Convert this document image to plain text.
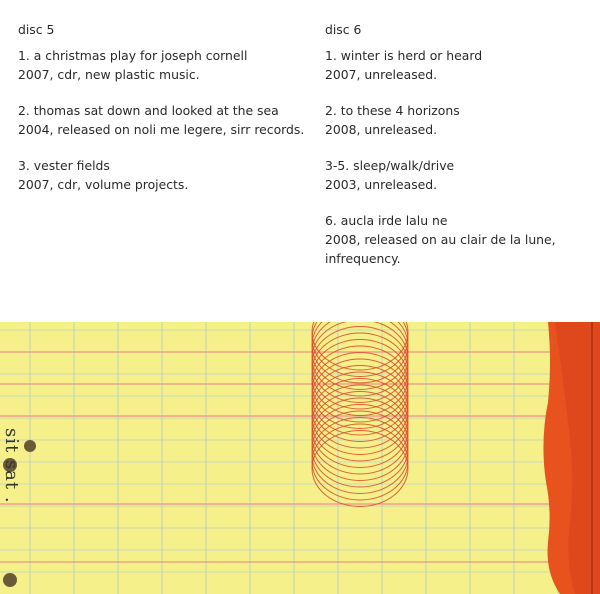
disc 5
1. a christmas play for joseph cornell
2007, cdr, new plastic music.
2. thomas sat down and looked at the sea
2004, released on noli me legere, sirr records.
3. vester fields
2007, cdr, volume projects.
disc 6
1. winter is herd or heard
2007, unreleased.
2. to these 4 horizons
2008, unreleased.
3-5. sleep/walk/drive
2003, unreleased.
6. aucla irde lalu ne
2008, released on au clair de la lune,
infrequency.
sit sat .
